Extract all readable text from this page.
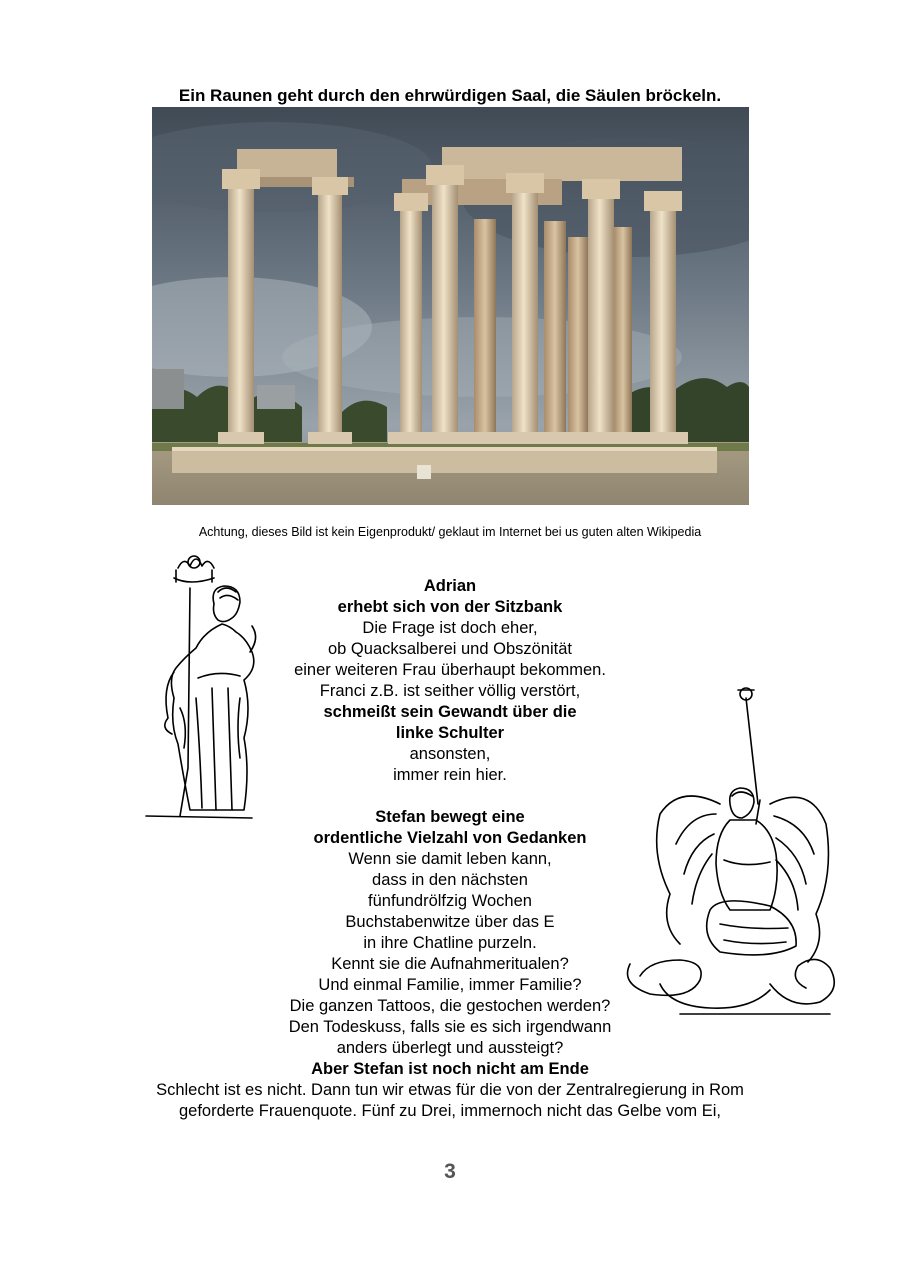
Ein Raunen geht durch den ehrwürdigen Saal, die Säulen bröckeln.
Achtung, dieses Bild ist kein Eigenprodukt/ geklaut im Internet bei us guten alten Wikipedia
Adrian
erhebt sich von der Sitzbank
Die Frage ist doch eher,
ob Quacksalberei und Obszönität
einer weiteren Frau überhaupt bekommen.
Franci z.B. ist seither völlig verstört,
schmeißt sein Gewandt über die
linke Schulter
ansonsten,
immer rein hier.
Stefan bewegt eine
ordentliche Vielzahl von Gedanken
Wenn sie damit leben kann,
dass in den nächsten
fünfundrölfzig Wochen
Buchstabenwitze über das E
in ihre Chatline purzeln.
Kennt sie die Aufnahmeritualen?
Und einmal Familie, immer Familie?
Die ganzen Tattoos, die gestochen werden?
Den Todeskuss, falls sie es sich irgendwann
anders überlegt und aussteigt?
Aber Stefan ist noch nicht am Ende
Schlecht ist es nicht. Dann tun wir etwas für die von der Zentralregierung in Rom
geforderte Frauenquote. Fünf zu Drei, immernoch nicht das Gelbe vom Ei,
3
